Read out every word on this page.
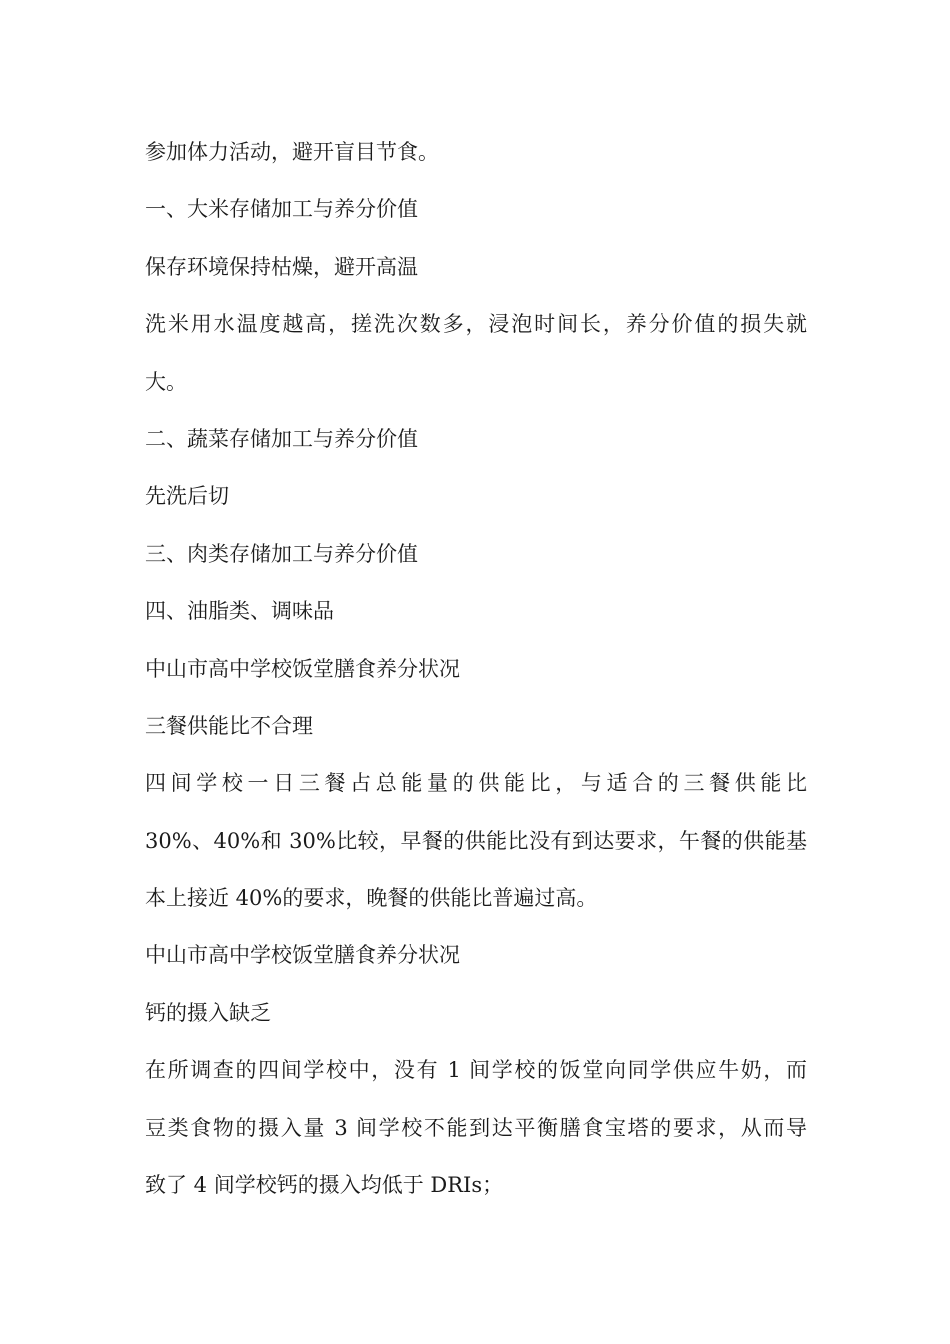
参加体力活动，避开盲目节食。
一、大米存储加工与养分价值
保存环境保持枯燥，避开高温
洗米用水温度越高，搓洗次数多，浸泡时间长，养分价值的损失就
大。
二、蔬菜存储加工与养分价值
先洗后切
三、肉类存储加工与养分价值
四、油脂类、调味品
中山市高中学校饭堂膳食养分状况
三餐供能比不合理
四间学校一日三餐占总能量的供能比，与适合的三餐供能比
30%、40%和 30%比较，早餐的供能比没有到达要求，午餐的供能基
本上接近 40%的要求，晚餐的供能比普遍过高。
中山市高中学校饭堂膳食养分状况
钙的摄入缺乏
在所调查的四间学校中，没有 1 间学校的饭堂向同学供应牛奶，而
豆类食物的摄入量 3 间学校不能到达平衡膳食宝塔的要求，从而导
致了 4 间学校钙的摄入均低于 DRIs；
